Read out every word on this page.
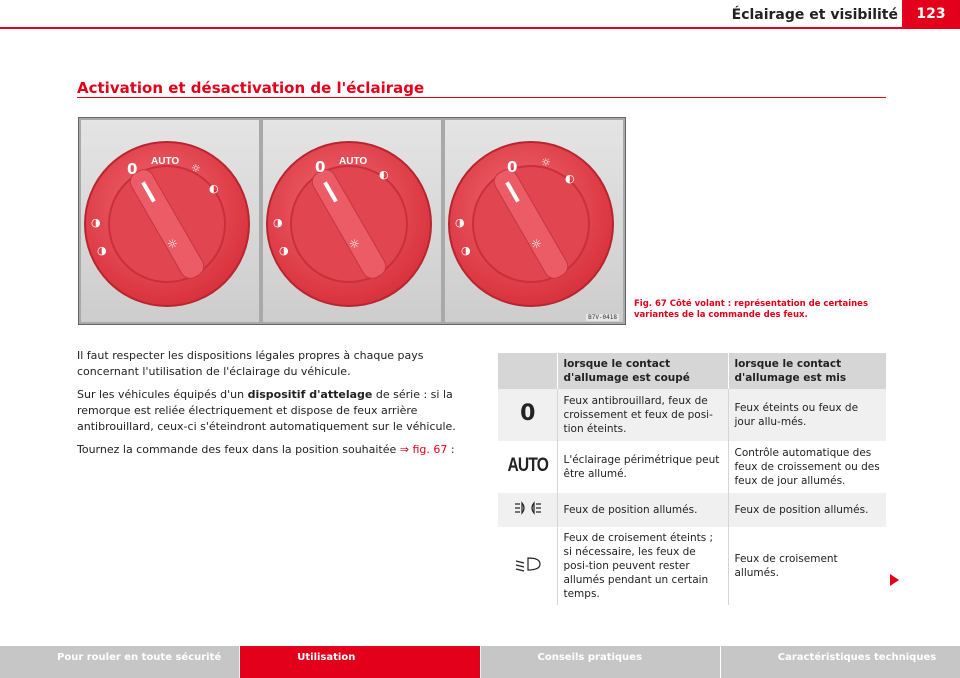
Éclairage et visibilité	123
Activation et désactivation de l'éclairage
0 AUTO
☼
◐
◑
◑	☼
0 AUTO
◐
◑
◑	☼
0 ☼
◐
◑
◑	☼
B7V-0418
Fig. 67 Côté volant : représentation de certaines variantes de la commande des feux.

Il faut respecter les dispositions légales propres à chaque pays concernant l'utilisation de l'éclairage du véhicule.

Sur les véhicules équipés d'un dispositif d'attelage de série : si la remorque est reliée électriquement et dispose de feux arrière antibrouillard, ceux-ci s'éteindront automatiquement sur le véhicule.

Tournez la commande des feux dans la position souhaitée ⇒ fig. 67 :

	lorsque le contact d'allumage est coupé	lorsque le contact d'allumage est mis
0	Feux antibrouillard, feux de croissement et feux de posi-tion éteints.	Feux éteints ou feux de jour allu-més.
AUTO	L'éclairage périmétrique peut être allumé.	Contrôle automatique des feux de croissement ou des feux de jour allumés.
	Feux de position allumés.	Feux de position allumés.
	Feux de croisement éteints ; si nécessaire, les feux de posi-tion peuvent rester allumés pendant un certain temps.	Feux de croisement allumés.
Pour rouler en toute sécurité	Utilisation	Conseils pratiques	Caractéristiques techniques
